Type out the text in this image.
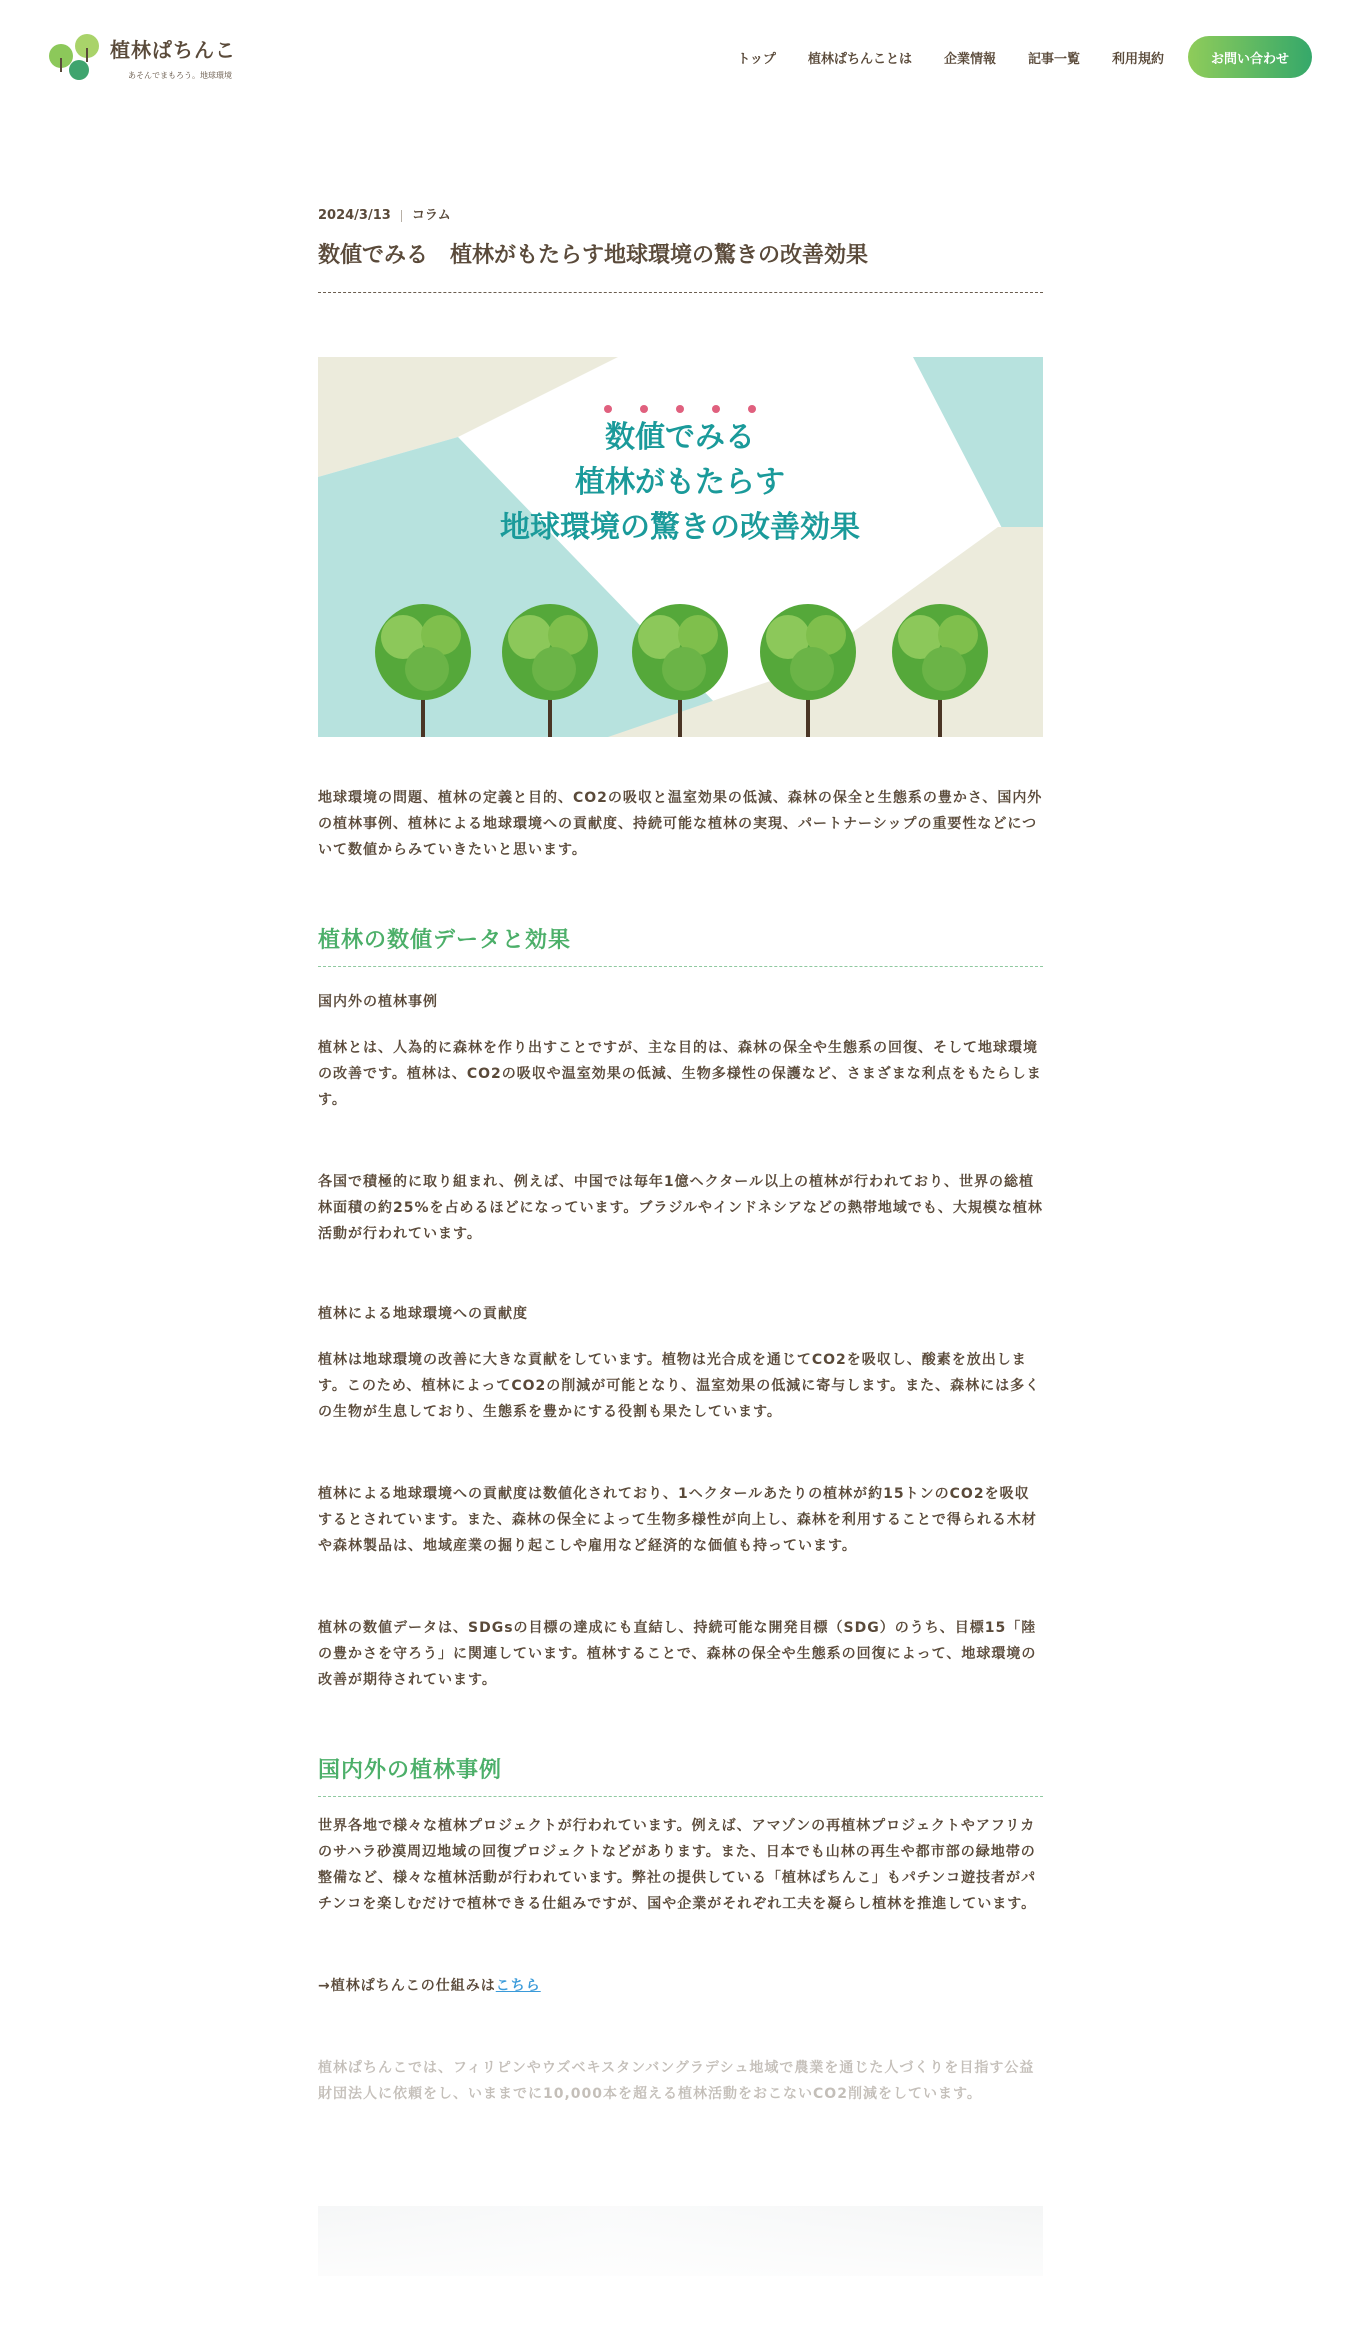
植林ぱちんこ
あそんでまもろう。地球環境
トップ 植林ぱちんことは 企業情報 記事一覧 利用規約	お問い合わせ
2024/3/13 コラム
数値でみる　植林がもたらす地球環境の驚きの改善効果
数値でみる
植林がもたらす
地球環境の驚きの改善効果

地球環境の問題、植林の定義と目的、CO2の吸収と温室効果の低減、森林の保全と生態系の豊かさ、国内外の植林事例、植林による地球環境への貢献度、持続可能な植林の実現、パートナーシップの重要性などについて数値からみていきたいと思います。

植林の数値データと効果
国内外の植林事例

植林とは、人為的に森林を作り出すことですが、主な目的は、森林の保全や生態系の回復、そして地球環境の改善です。植林は、CO2の吸収や温室効果の低減、生物多様性の保護など、さまざまな利点をもたらします。

各国で積極的に取り組まれ、例えば、中国では毎年1億ヘクタール以上の植林が行われており、世界の総植林面積の約25%を占めるほどになっています。ブラジルやインドネシアなどの熱帯地域でも、大規模な植林活動が行われています。

植林による地球環境への貢献度

植林は地球環境の改善に大きな貢献をしています。植物は光合成を通じてCO2を吸収し、酸素を放出します。このため、植林によってCO2の削減が可能となり、温室効果の低減に寄与します。また、森林には多くの生物が生息しており、生態系を豊かにする役割も果たしています。

植林による地球環境への貢献度は数値化されており、1ヘクタールあたりの植林が約15トンのCO2を吸収するとされています。また、森林の保全によって生物多様性が向上し、森林を利用することで得られる木材や森林製品は、地域産業の掘り起こしや雇用など経済的な価値も持っています。

植林の数値データは、SDGsの目標の達成にも直結し、持続可能な開発目標（SDG）のうち、目標15「陸の豊かさを守ろう」に関連しています。植林することで、森林の保全や生態系の回復によって、地球環境の改善が期待されています。

国内外の植林事例

世界各地で様々な植林プロジェクトが行われています。例えば、アマゾンの再植林プロジェクトやアフリカのサハラ砂漠周辺地域の回復プロジェクトなどがあります。また、日本でも山林の再生や都市部の緑地帯の整備など、様々な植林活動が行われています。弊社の提供している「植林ぱちんこ」もパチンコ遊技者がパチンコを楽しむだけで植林できる仕組みですが、国や企業がそれぞれ工夫を凝らし植林を推進しています。

→植林ぱちんこの仕組みはこちら

植林ぱちんこでは、フィリピンやウズベキスタンバングラデシュ地域で農業を通じた人づくりを目指す公益財団法人に依頼をし、いままでに10,000本を超える植林活動をおこないCO2削減をしています。
